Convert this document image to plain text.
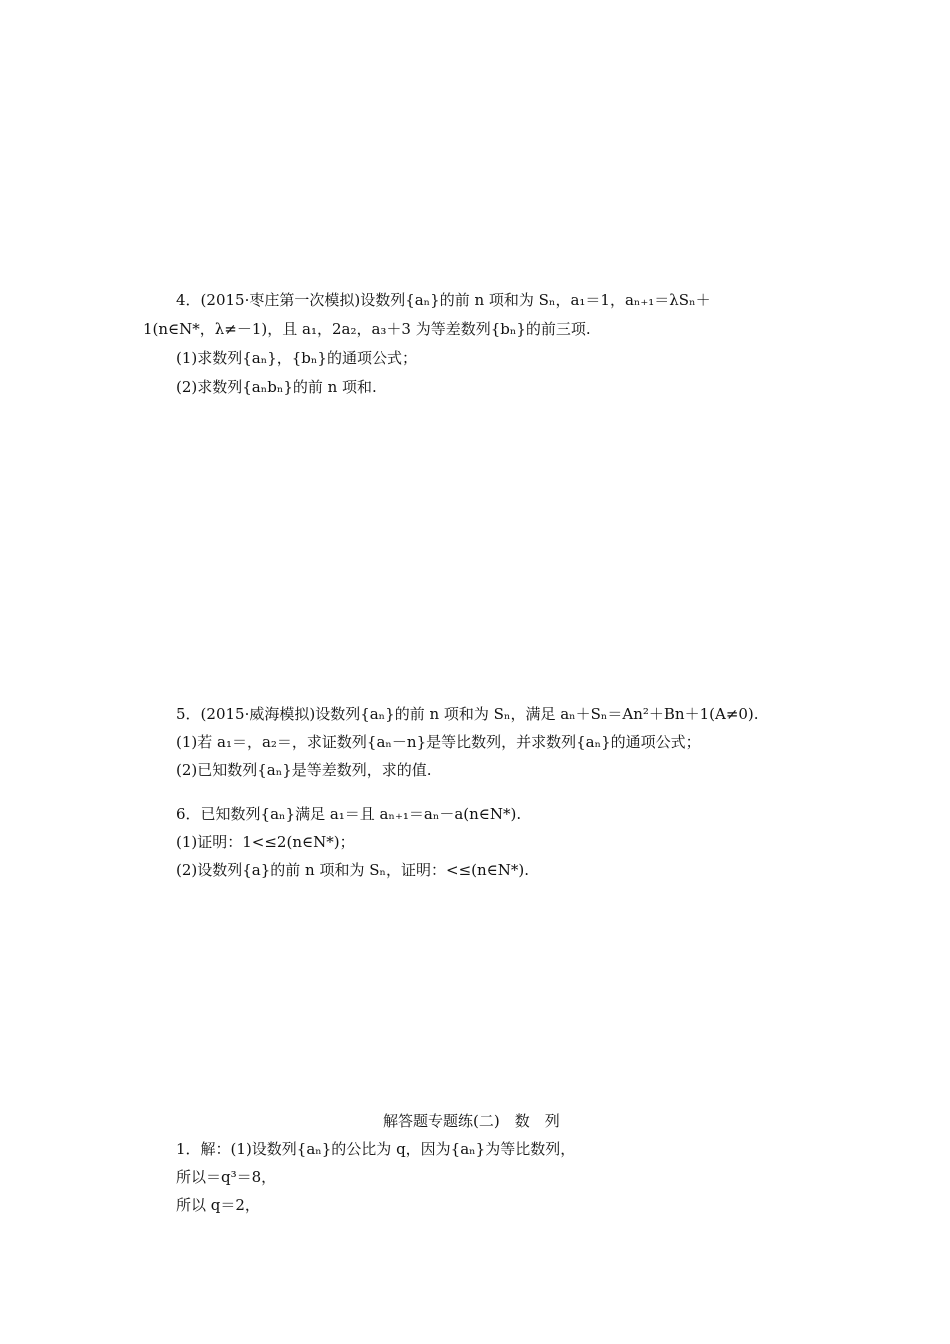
4．(2015·枣庄第一次模拟)设数列{aₙ}的前 n 项和为 Sₙ，a₁＝1，aₙ₊₁＝λSₙ＋
1(n∈N*，λ≠－1)，且 a₁，2a₂，a₃＋3 为等差数列{bₙ}的前三项.
(1)求数列{aₙ}，{bₙ}的通项公式；
(2)求数列{aₙbₙ}的前 n 项和.
5．(2015·威海模拟)设数列{aₙ}的前 n 项和为 Sₙ，满足 aₙ＋Sₙ＝An²＋Bn＋1(A≠0).
(1)若 a₁＝，a₂＝，求证数列{aₙ－n}是等比数列，并求数列{aₙ}的通项公式；
(2)已知数列{aₙ}是等差数列，求的值.
6．已知数列{aₙ}满足 a₁＝且 aₙ₊₁＝aₙ－a(n∈N*).
(1)证明：1<≤2(n∈N*)；
(2)设数列{a}的前 n 项和为 Sₙ，证明：<≤(n∈N*).
解答题专题练(二)　数　列
1．解：(1)设数列{aₙ}的公比为 q，因为{aₙ}为等比数列，
所以＝q³＝8，
所以 q＝2，
